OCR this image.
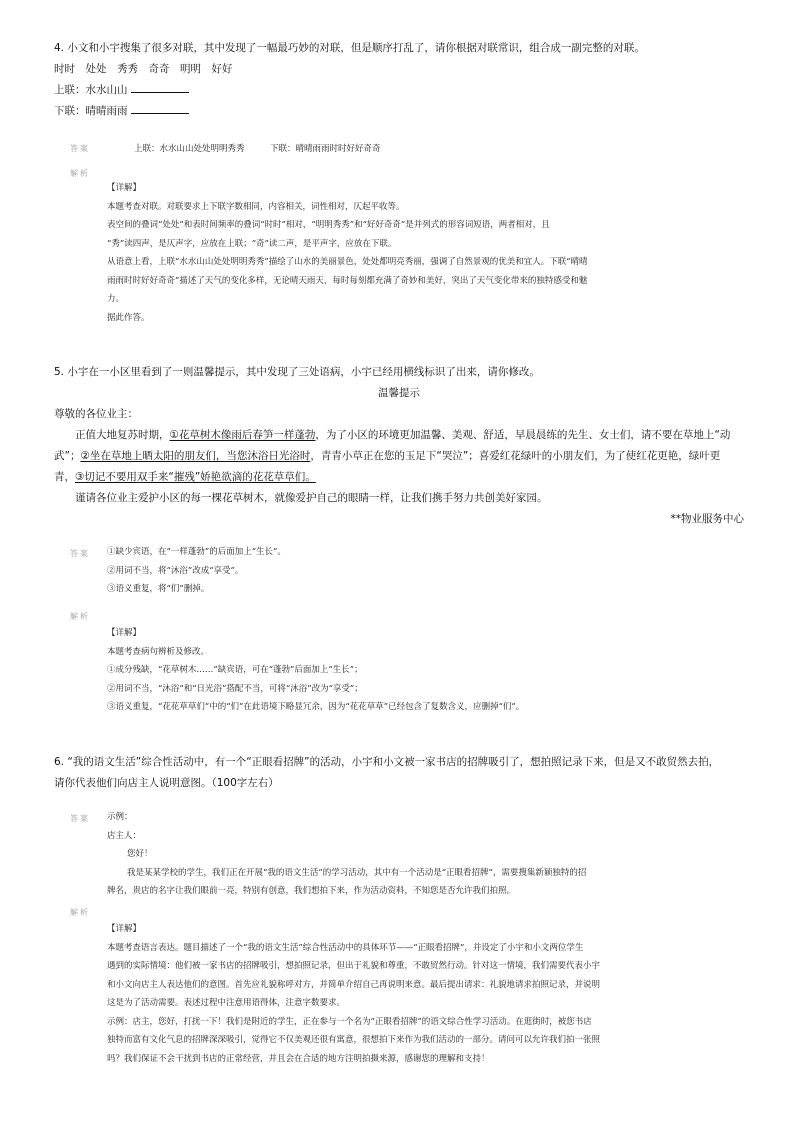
4. 小文和小宇搜集了很多对联，其中发现了一幅最巧妙的对联，但是顺序打乱了，请你根据对联常识，组合成一副完整的对联。

时时　处处　秀秀　奇奇　明明　好好

上联：水水山山

下联：晴晴雨雨

答案	上联：水水山山处处明明秀秀　　　下联：晴晴雨雨时时好好奇奇

解析

【详解】

本题考查对联。对联要求上下联字数相同，内容相关，词性相对，仄起平收等。

表空间的叠词“处处”和表时间频率的叠词“时时”相对，“明明秀秀”和“好好奇奇”是并列式的形容词短语，两者相对，且

“秀”读四声，是仄声字，应放在上联；“奇”读二声，是平声字，应放在下联。

从语意上看，上联“水水山山处处明明秀秀”描绘了山水的美丽景色，处处都明亮秀丽，强调了自然景观的优美和宜人。下联“晴晴

雨雨时时好好奇奇”描述了天气的变化多样，无论晴天雨天，每时每刻都充满了奇妙和美好，突出了天气变化带来的独特感受和魅

力。

据此作答。

5. 小宇在一小区里看到了一则温馨提示，其中发现了三处语病，小宇已经用横线标识了出来，请你修改。

温馨提示

尊敬的各位业主：

正值大地复苏时期，①花草树木像雨后春笋一样蓬勃，为了小区的环境更加温馨、美观、舒适，早晨晨练的先生、女士们，请不要在草地上“动

武”；②坐在草地上晒太阳的朋友们，当您沐浴日光浴时，青青小草正在您的玉足下“哭泣”；喜爱红花绿叶的小朋友们，为了使红花更艳，绿叶更

青，③切记不要用双手来“摧残”娇艳欲滴的花花草草们。

谨请各位业主爱护小区的每一棵花草树木，就像爱护自己的眼睛一样，让我们携手努力共创美好家园。

**物业服务中心

答案 ①缺少宾语，在“一样蓬勃”的后面加上“生长”。

②用词不当，将“沐浴”改成“享受”。

③语义重复，将“们”删掉。

解析

【详解】

本题考查病句辨析及修改。

①成分残缺，“花草树木……”缺宾语，可在“蓬勃”后面加上“生长”；

②用词不当，“沐浴”和“日光浴”搭配不当，可将“沐浴”改为“享受”；

③语义重复，“花花草草们”中的“们”在此语境下略显冗余，因为“花花草草”已经包含了复数含义，应删掉“们”。

6. “我的语文生活”综合性活动中，有一个“正眼看招牌”的活动，小宇和小文被一家书店的招牌吸引了，想拍照记录下来，但是又不敢贸然去拍，

请你代表他们向店主人说明意图。（100字左右）

答案 示例：

店主人：

您好！

我是某某学校的学生，我们正在开展“我的语文生活”的学习活动，其中有一个活动是“正眼看招牌”，需要搜集新颖独特的招

牌名，贵店的名字让我们眼前一亮，特别有创意，我们想拍下来，作为活动资料，不知您是否允许我们拍照。

解析

【详解】

本题考查语言表达。题目描述了一个“我的语文生活”综合性活动中的具体环节——“正眼看招牌”，并设定了小宇和小文两位学生

遇到的实际情境：他们被一家书店的招牌吸引，想拍照记录，但出于礼貌和尊重，不敢贸然行动。针对这一情境，我们需要代表小宇

和小文向店主人表达他们的意图。首先应礼貌称呼对方，并简单介绍自己再说明来意。最后提出请求：礼貌地请求拍照记录，并说明

这是为了活动需要。表述过程中注意用语得体，注意字数要求。

示例：店主，您好，打扰一下！我们是附近的学生，正在参与一个名为“正眼看招牌”的语文综合性学习活动。在逛街时，被您书店

独特而富有文化气息的招牌深深吸引，觉得它不仅美观还很有寓意，很想拍下来作为我们活动的一部分。请问可以允许我们拍一张照

吗？我们保证不会干扰到书店的正常经营，并且会在合适的地方注明拍摄来源，感谢您的理解和支持！
